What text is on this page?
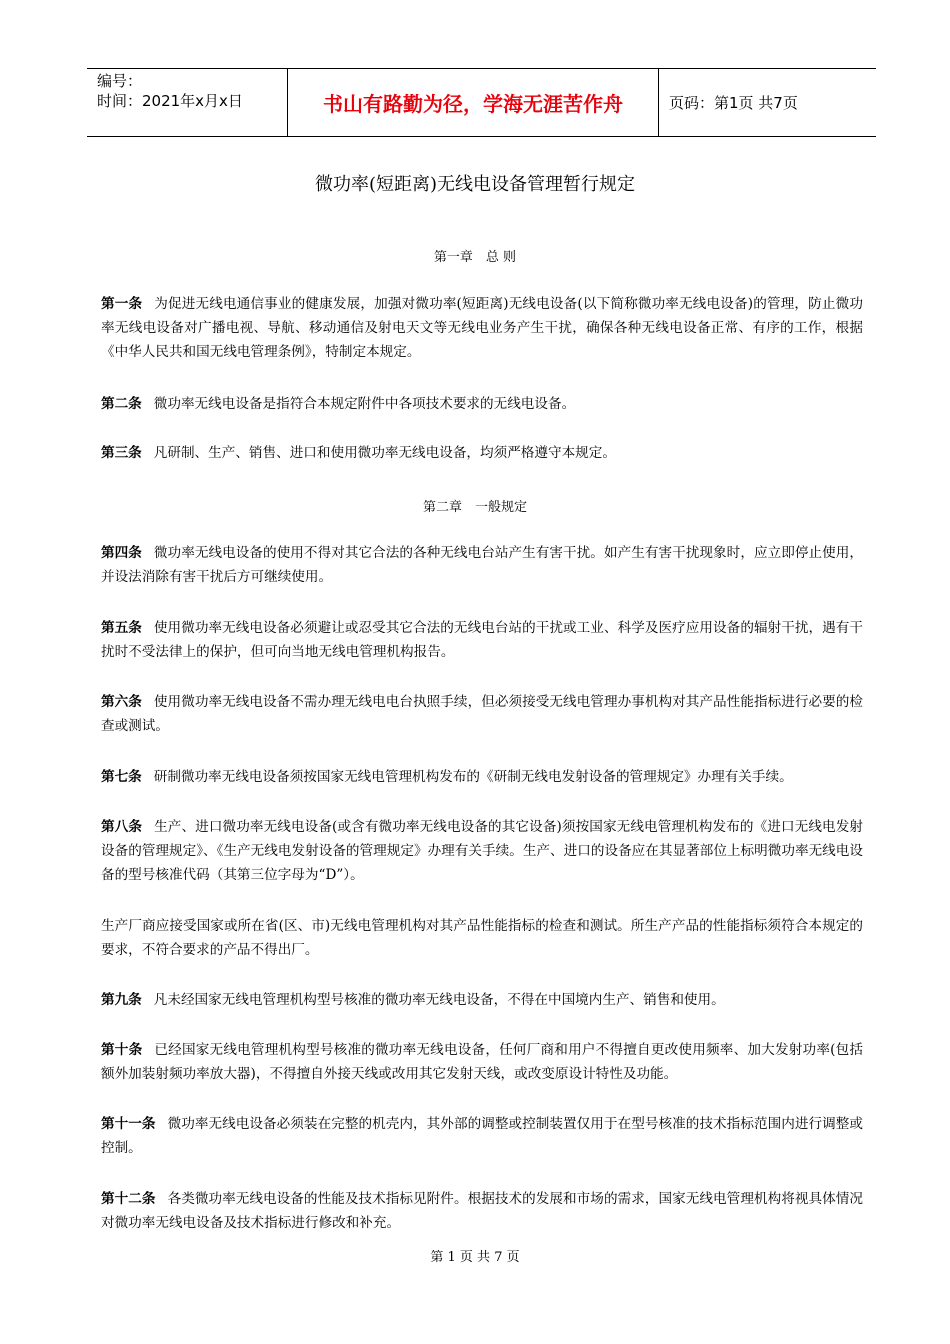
编号：
时间：2021年x月x日	书山有路勤为径，学海无涯苦作舟	页码：第1页 共7页
微功率(短距离)无线电设备管理暂行规定
第一章　总 则
第一条 为促进无线电通信事业的健康发展，加强对微功率(短距离)无线电设备(以下简称微功率无线电设备)的管理，防止微功率无线电设备对广播电视、导航、移动通信及射电天文等无线电业务产生干扰，确保各种无线电设备正常、有序的工作，根据《中华人民共和国无线电管理条例》，特制定本规定。
第二条 微功率无线电设备是指符合本规定附件中各项技术要求的无线电设备。
第三条 凡研制、生产、销售、进口和使用微功率无线电设备，均须严格遵守本规定。
第二章　一般规定
第四条 微功率无线电设备的使用不得对其它合法的各种无线电台站产生有害干扰。如产生有害干扰现象时，应立即停止使用，并设法消除有害干扰后方可继续使用。
第五条 使用微功率无线电设备必须避让或忍受其它合法的无线电台站的干扰或工业、科学及医疗应用设备的辐射干扰，遇有干扰时不受法律上的保护，但可向当地无线电管理机构报告。
第六条 使用微功率无线电设备不需办理无线电电台执照手续，但必须接受无线电管理办事机构对其产品性能指标进行必要的检查或测试。
第七条 研制微功率无线电设备须按国家无线电管理机构发布的《研制无线电发射设备的管理规定》办理有关手续。
第八条 生产、进口微功率无线电设备(或含有微功率无线电设备的其它设备)须按国家无线电管理机构发布的《进口无线电发射设备的管理规定》、《生产无线电发射设备的管理规定》办理有关手续。生产、进口的设备应在其显著部位上标明微功率无线电设备的型号核准代码（其第三位字母为“D”）。
生产厂商应接受国家或所在省(区、市)无线电管理机构对其产品性能指标的检查和测试。所生产产品的性能指标须符合本规定的要求，不符合要求的产品不得出厂。
第九条 凡未经国家无线电管理机构型号核准的微功率无线电设备，不得在中国境内生产、销售和使用。
第十条 已经国家无线电管理机构型号核准的微功率无线电设备，任何厂商和用户不得擅自更改使用频率、加大发射功率(包括额外加装射频功率放大器)，不得擅自外接天线或改用其它发射天线，或改变原设计特性及功能。
第十一条 微功率无线电设备必须装在完整的机壳内，其外部的调整或控制装置仅用于在型号核准的技术指标范围内进行调整或控制。
第十二条 各类微功率无线电设备的性能及技术指标见附件。根据技术的发展和市场的需求，国家无线电管理机构将视具体情况对微功率无线电设备及技术指标进行修改和补充。
第 1 页 共 7 页
